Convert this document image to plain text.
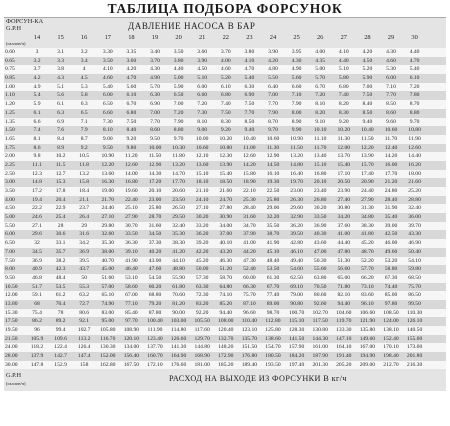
ТАБЛИЦА ПОДБОРА ФОРСУНОК
ФОРСУН-КА
G.P.H
(галлон/ч)
ДАВЛЕНИЕ НАСОСА В БАР
14	15	16	17	18	19	20	21	22	23	24	25	26	27	28	29	30
0.60	3	3.1	3.2	3.30	3.35	3.40	3.50	3.60	3.70	3.80	3.90	3.95	4.00	4.10	4.20	4.30	4.40
0.65	3.2	3.3	3.4	3.50	3.60	3.70	3.80	3.90	4.00	4.10	4.20	4.30	4.35	4.40	4.50	4.60	4.70
0.75	3.7	3.8	4	4.10	4.20	4.30	4.40	4.50	4.60	4.70	4.80	4.90	5.00	5.10	5.20	5.30	5.40
0.85	4.2	4.3	4.5	4.60	4.70	4.90	5.00	5.10	5.20	5.40	5.50	5.60	5.70	5.80	5.90	6.00	6.10
1.00	4.9	5.1	5.3	5.40	5.60	5.70	5.90	6.00	6.10	6.30	6.40	6.60	6.70	6.80	7.00	7.10	7.20
1.10	5.4	5.6	5.8	6.00	6.10	6.30	6.50	6.60	6.80	6.90	7.00	7.10	7.20	7.40	7.50	7.70	7.80
1.20	5.9	6.1	6.3	6.50	6.70	6.90	7.00	7.20	7.40	7.50	7.70	7.90	8.10	8.20	8.40	8.50	8.70
1.25	6.1	6.3	6.5	6.60	6.80	7.00	7.20	7.30	7.50	7.70	7.90	8.00	8.20	8.30	8.50	8.60	8.80
1.35	6.6	6.9	7.1	7.30	7.50	7.70	7.90	8.10	8.30	8.50	8.70	8.90	9.10	9.20	9.40	9.60	9.70
1.50	7.4	7.6	7.9	8.10	8.40	8.60	8.80	9.00	9.20	9.40	9.70	9.90	10.10	10.20	10.40	10.60	10.80
1.65	8.1	8.4	8.7	9.00	9.20	9.50	9.70	10.00	10.20	10.40	10.60	10.90	11.10	11.30	11.50	11.70	11.90
1.75	8.6	8.9	9.2	9.50	9.80	10.00	10.30	10.60	10.80	11.00	11.30	11.50	11.70	12.00	12.20	12.40	12.60
2.00	9.8	10.2	10.5	10.90	11.20	11.50	11.80	12.10	12.30	12.60	12.90	13.20	13.40	13.70	13.90	14.20	14.40
2.25	11.1	11.5	11.8	12.20	12.60	12.90	13.20	13.60	13.90	14.20	14.50	14.80	15.10	15.40	15.70	16.00	16.20
2.50	12.3	12.7	13.2	13.60	14.00	14.30	14.70	15.10	15.40	15.80	16.10	16.40	16.80	17.10	17.40	17.70	18.00
3.00	14.8	15.3	15.8	16.30	16.80	17.20	17.70	18.10	18.50	18.90	19.30	19.70	20.10	20.50	20.90	21.20	21.60
3.50	17.2	17.8	18.4	19.00	19.60	20.10	20.60	21.10	21.60	22.10	22.50	23.00	23.40	23.90	24.40	24.80	25.20
4.00	19.4	20.4	21.1	21.70	22.40	23.00	23.50	24.10	24.70	25.30	25.80	26.30	26.80	27.40	27.90	28.40	28.80
4.50	22.2	22.9	23.7	24.40	25.10	25.80	26.50	27.10	27.80	28.40	29.00	29.60	30.20	30.80	31.30	31.90	32.40
5.00	24.6	25.4	26.4	27.10	27.90	28.70	29.50	30.20	30.90	31.60	32.20	32.90	33.50	34.20	34.80	35.40	36.00
5.50	27.1	28	29	29.80	30.70	31.60	32.40	33.20	34.00	34.70	35.50	36.20	36.90	37.60	38.30	39.00	39.70
6.00	29.6	30.6	31.6	32.60	33.50	34.50	35.30	36.20	37.00	37.90	38.70	39.50	40.30	41.00	41.80	42.50	43.30
6.50	32	33.1	34.2	35.30	36.30	37.30	38.30	39.20	40.10	41.00	41.90	42.80	43.60	44.40	45.20	46.00	46.90
7.00	34.5	35.7	36.9	38.00	39.10	40.20	41.20	42.20	43.20	44.20	45.10	46.10	47.00	47.80	48.70	49.60	50.40
7.50	36.9	38.2	39.5	40.70	41.90	43.00	44.10	45.20	46.30	47.30	48.40	49.40	50.30	51.30	52.20	53.20	54.10
8.00	40.9	42.3	43.7	45.00	46.40	47.60	48.80	50.00	51.20	52.40	53.50	54.60	55.60	56.60	57.70	58.80	59.80
9.50	46.8	48.4	50	51.60	53.10	54.50	55.90	57.30	58.70	60.00	61.30	62.50	63.80	65.00	66.20	67.30	68.50
10.50	51.7	53.5	55.3	57.00	58.60	60.20	61.80	63.30	64.80	66.30	67.70	69.10	70.50	71.80	73.10	74.40	75.70
12.00	59.1	61.2	63.2	65.10	67.00	68.80	70.60	72.30	74.10	75.70	77.40	79.00	80.60	82.10	83.60	85.00	86.50
13.80	68	70.4	72.7	74.90	77.10	79.20	81.20	83.20	85.20	87.10	89.00	90.80	92.60	94.40	96.10	97.80	99.50
15.30	75.4	78	80.6	83.00	85.40	87.80	90.00	92.20	94.40	96.60	98.70	100.70	102.70	104.60	106.60	108.50	110.30
17.50	86.2	89.2	92.1	95.00	97.70	100.40	103.00	105.50	108.00	110.40	112.80	115.10	117.50	119.70	121.90	124.00	126.10
19.50	96	99.4	102.7	105.80	108.90	111.90	114.80	117.60	120.40	123.10	125.80	128.30	130.80	133.30	135.80	138.10	140.50
21.50	105.9	109.6	113.2	116.70	120.10	123.40	126.60	129.70	132.70	135.70	138.60	141.50	144.30	147.10	149.60	152.40	155.00
24.00	118.2	122.4	126.4	130.30	134.00	137.70	141.30	144.80	148.20	151.50	154.70	157.90	161.00	164.10	167.00	170.10	173.00
28.00	137.9	142.7	147.4	152.00	156.40	160.70	164.90	168.90	172.90	176.80	180.50	184.20	187.90	191.40	194.90	198.40	201.80
30.00	147.8	152.9	158	162.80	167.50	172.10	176.60	181.00	185.20	189.40	193.50	197.40	201.30	205.20	209.00	212.70	216.30
G.P.H
(галлон/ч)
РАСХОД НА ВЫХОДЕ ИЗ ФОРСУНКИ В кг/ч
